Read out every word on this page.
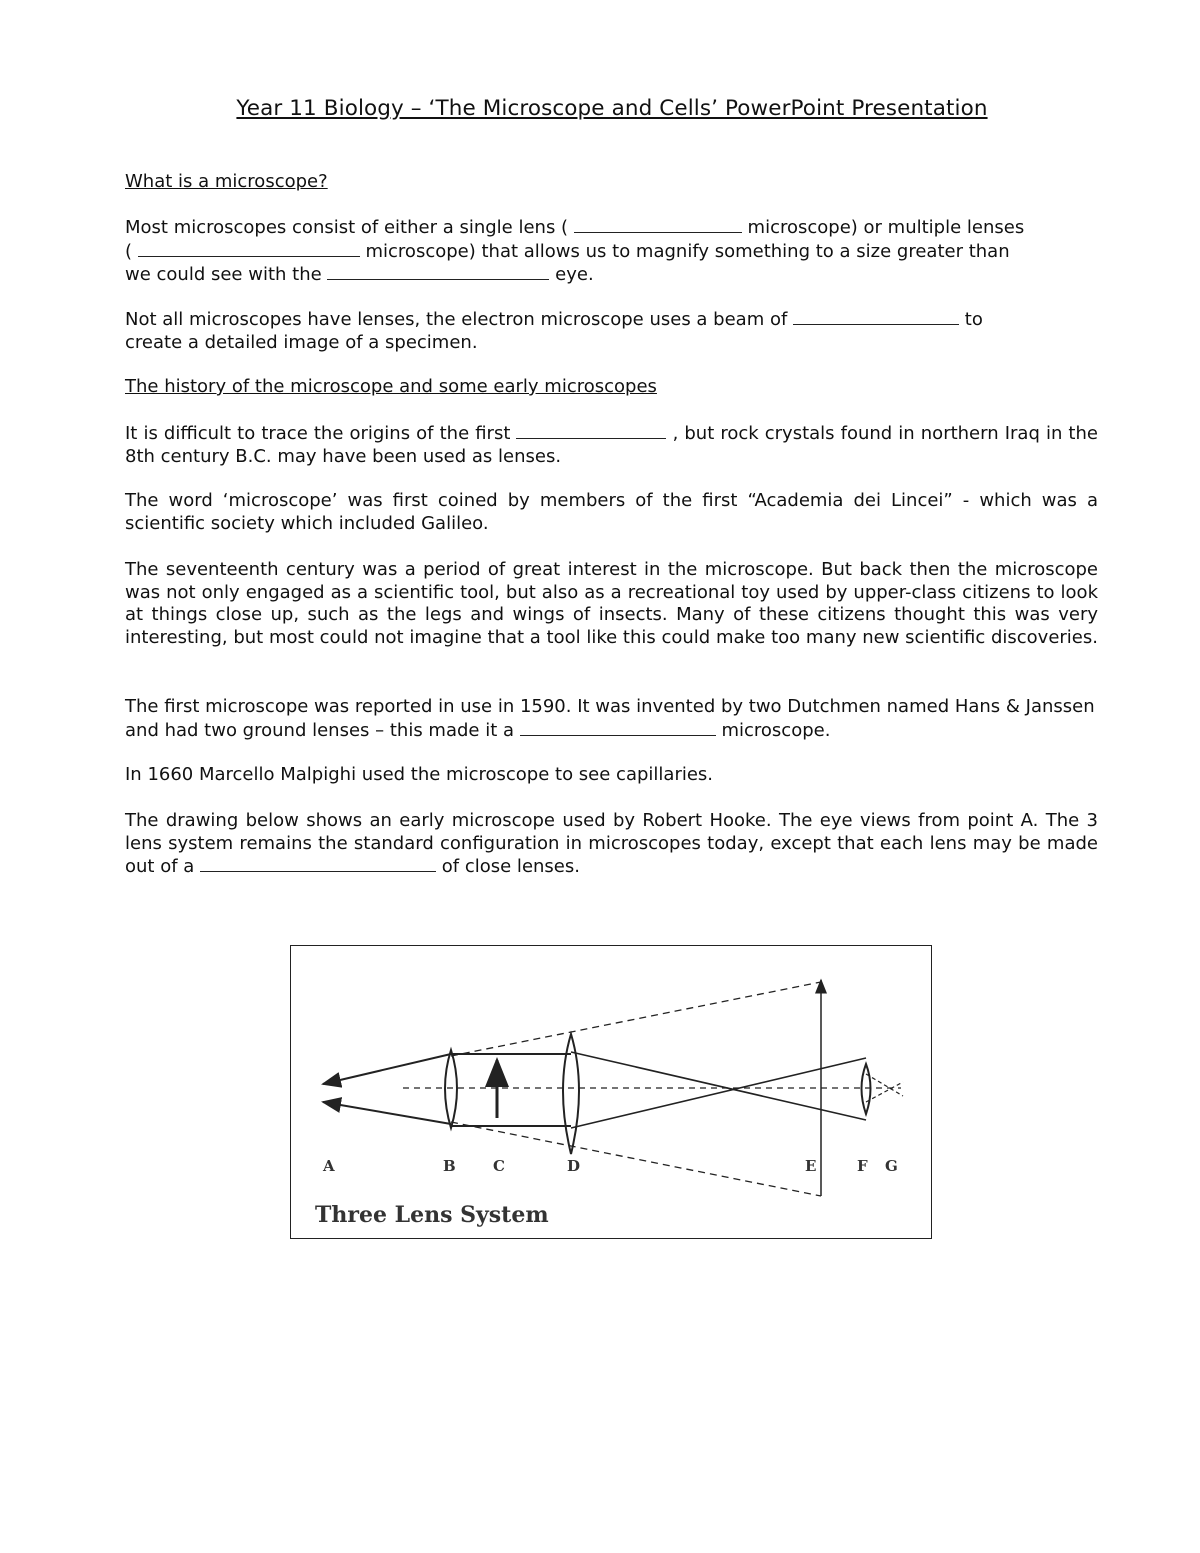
Year 11 Biology – ‘The Microscope and Cells’ PowerPoint Presentation
What is a microscope?
Most microscopes consist of either a single lens (	microscope) or multiple lenses
(	microscope) that allows us to magnify something to a size greater than
we could see with the	eye.
Not all microscopes have lenses, the electron microscope uses a beam of	to
create a detailed image of a specimen.
The history of the microscope and some early microscopes
It is difficult to trace the origins of the first	, but rock crystals found in northern Iraq in the 8th century B.C. may have been used as lenses.
The word ‘microscope’ was first coined by members of the first “Academia dei Lincei” - which was a scientific society which included Galileo.
The seventeenth century was a period of great interest in the microscope. But back then the microscope was not only engaged as a scientific tool, but also as a recreational toy used by upper-class citizens to look at things close up, such as the legs and wings of insects. Many of these citizens thought this was very interesting, but most could not imagine that a tool like this could make too many new scientific discoveries.
The first microscope was reported in use in 1590. It was invented by two Dutchmen named Hans & Janssen and had two ground lenses – this made it a	microscope.
In 1660 Marcello Malpighi used the microscope to see capillaries.
The drawing below shows an early microscope used by Robert Hooke. The eye views from point A. The 3 lens system remains the standard configuration in microscopes today, except that each lens may be made out of a	of close lenses.
A	B C	D	E	F G
Three Lens System
